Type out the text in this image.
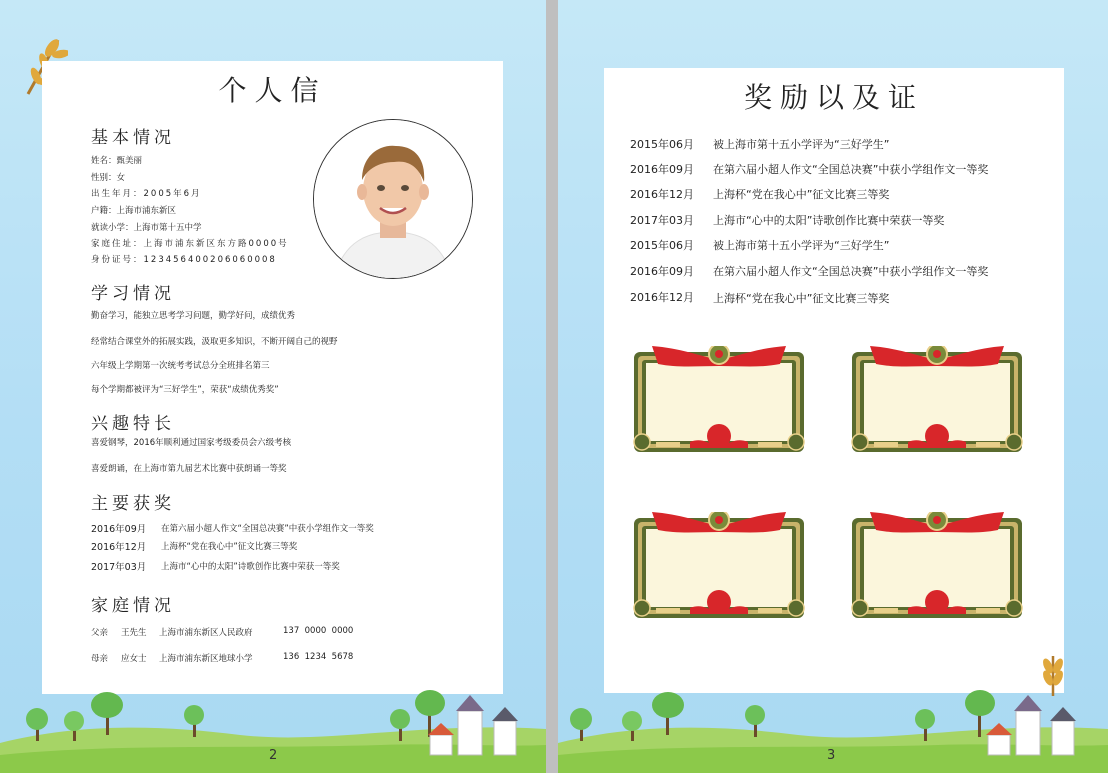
个人信
基本情况
姓名：甄美丽
性别：女
出生年月：2005年6月
户籍：上海市浦东新区
就读小学：上海市第十五中学
家庭住址：上海市浦东新区东方路0000号
身份证号：123456400206060008
学习情况
勤奋学习，能独立思考学习问题，勤学好问，成绩优秀
经常结合课堂外的拓展实践，汲取更多知识，不断开阔自己的视野
六年级上学期第一次统考考试总分全班排名第三
每个学期都被评为“三好学生”，荣获“成绩优秀奖”
兴趣特长
喜爱钢琴，2016年顺利通过国家考级委员会六级考核
喜爱朗诵，在上海市第九届艺术比赛中获朗诵一等奖
主要获奖
2016年09月 在第六届小超人作文“全国总决赛”中获小学组作文一等奖
2016年12月 上海杯“党在我心中”征文比赛三等奖
2017年03月 上海市“心中的太阳”诗歌创作比赛中荣获一等奖
家庭情况
父亲 王先生 上海市浦东新区人民政府	137  0000  0000
母亲 应女士 上海市浦东新区地球小学	136  1234  5678
2
奖励以及证
2015年06月 被上海市第十五小学评为“三好学生”
2016年09月 在第六届小超人作文“全国总决赛”中获小学组作文一等奖
2016年12月 上海杯“党在我心中”征文比赛三等奖
2017年03月 上海市“心中的太阳”诗歌创作比赛中荣获一等奖
2015年06月 被上海市第十五小学评为“三好学生”
2016年09月 在第六届小超人作文“全国总决赛”中获小学组作文一等奖
2016年12月 上海杯“党在我心中”征文比赛三等奖
3
